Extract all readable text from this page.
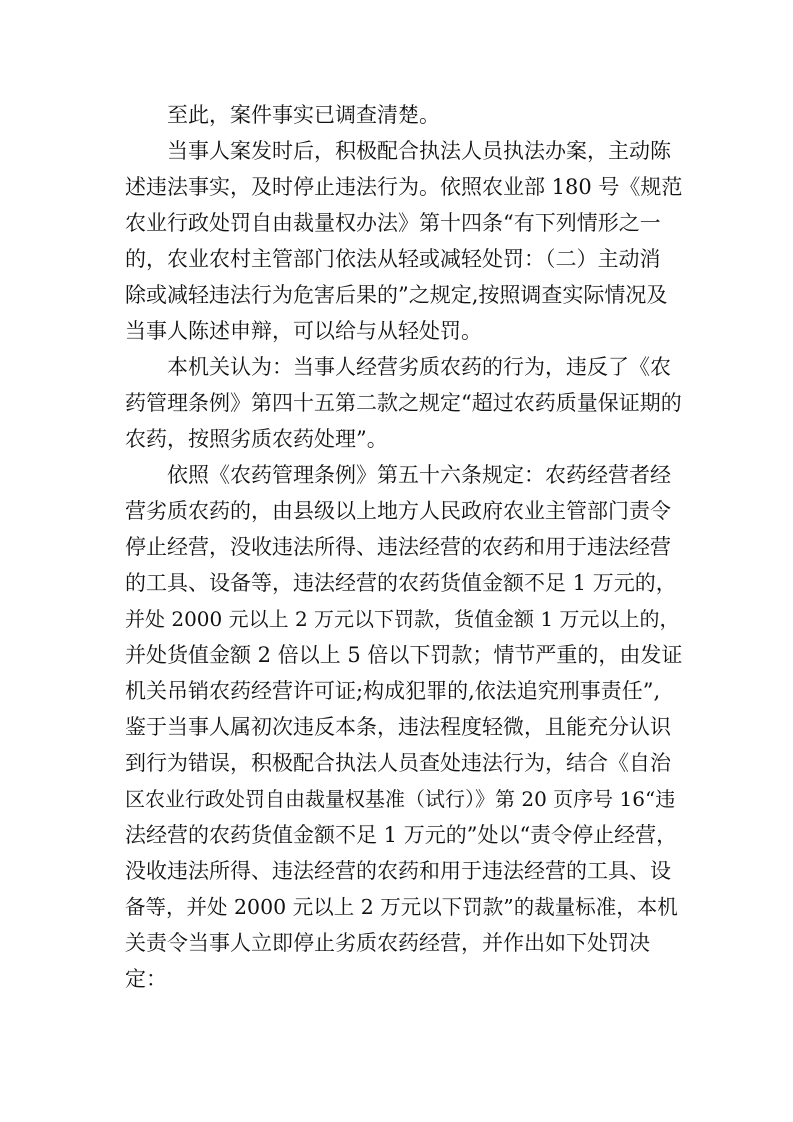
　　至此，案件事实已调查清楚。
　　当事人案发时后，积极配合执法人员执法办案，主动陈
述违法事实，及时停止违法行为。依照农业部 180 号《规范
农业行政处罚自由裁量权办法》第十四条“有下列情形之一
的，农业农村主管部门依法从轻或减轻处罚：（二）主动消
除或减轻违法行为危害后果的”之规定,按照调查实际情况及
当事人陈述申辩，可以给与从轻处罚。
　　本机关认为：当事人经营劣质农药的行为，违反了《农
药管理条例》第四十五第二款之规定“超过农药质量保证期的
农药，按照劣质农药处理”。
　　依照《农药管理条例》第五十六条规定：农药经营者经
营劣质农药的，由县级以上地方人民政府农业主管部门责令
停止经营，没收违法所得、违法经营的农药和用于违法经营
的工具、设备等，违法经营的农药货值金额不足 1 万元的，
并处 2000 元以上 2 万元以下罚款，货值金额 1 万元以上的，
并处货值金额 2 倍以上 5 倍以下罚款；情节严重的，由发证
机关吊销农药经营许可证;构成犯罪的,依法追究刑事责任”,
鉴于当事人属初次违反本条，违法程度轻微，且能充分认识
到行为错误，积极配合执法人员查处违法行为，结合《自治
区农业行政处罚自由裁量权基准（试行）》第 20 页序号 16“违
法经营的农药货值金额不足 1 万元的”处以“责令停止经营，
没收违法所得、违法经营的农药和用于违法经营的工具、设
备等，并处 2000 元以上 2 万元以下罚款”的裁量标准，本机
关责令当事人立即停止劣质农药经营，并作出如下处罚决
定：
